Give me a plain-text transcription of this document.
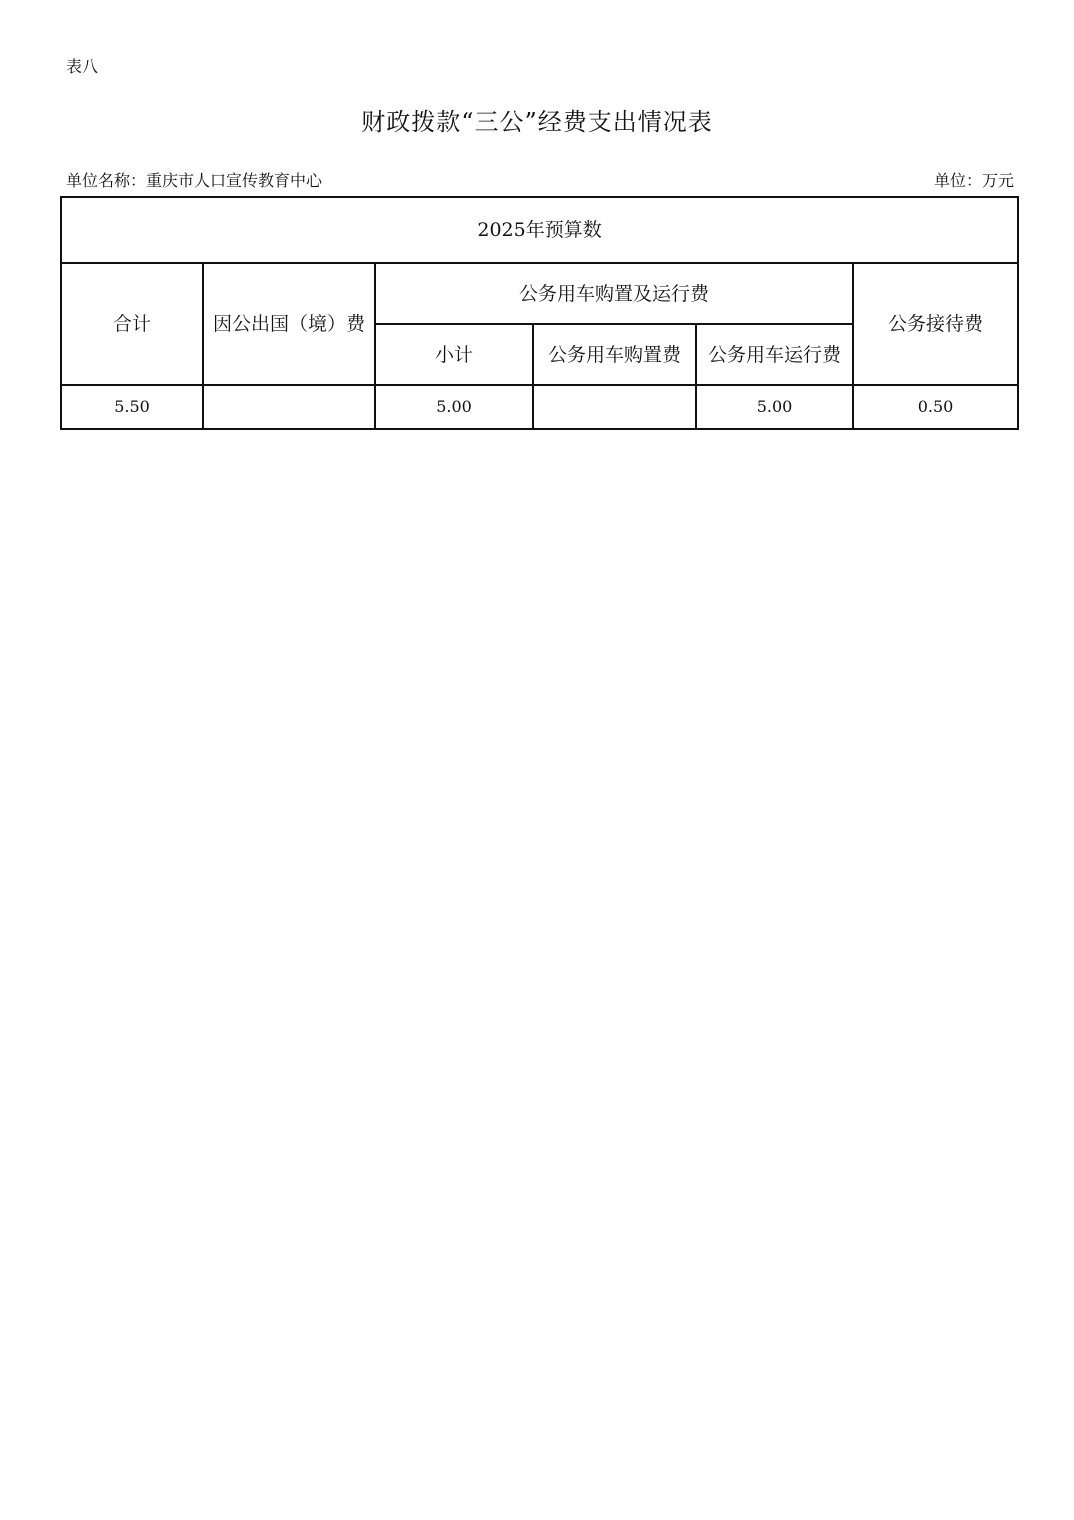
表八
财政拨款“三公”经费支出情况表
单位名称：重庆市人口宣传教育中心	单位：万元
2025年预算数					
合计	因公出国（境）费	公务用车购置及运行费			公务接待费
		小计	公务用车购置费	公务用车运行费	
5.50		5.00		5.00	0.50
